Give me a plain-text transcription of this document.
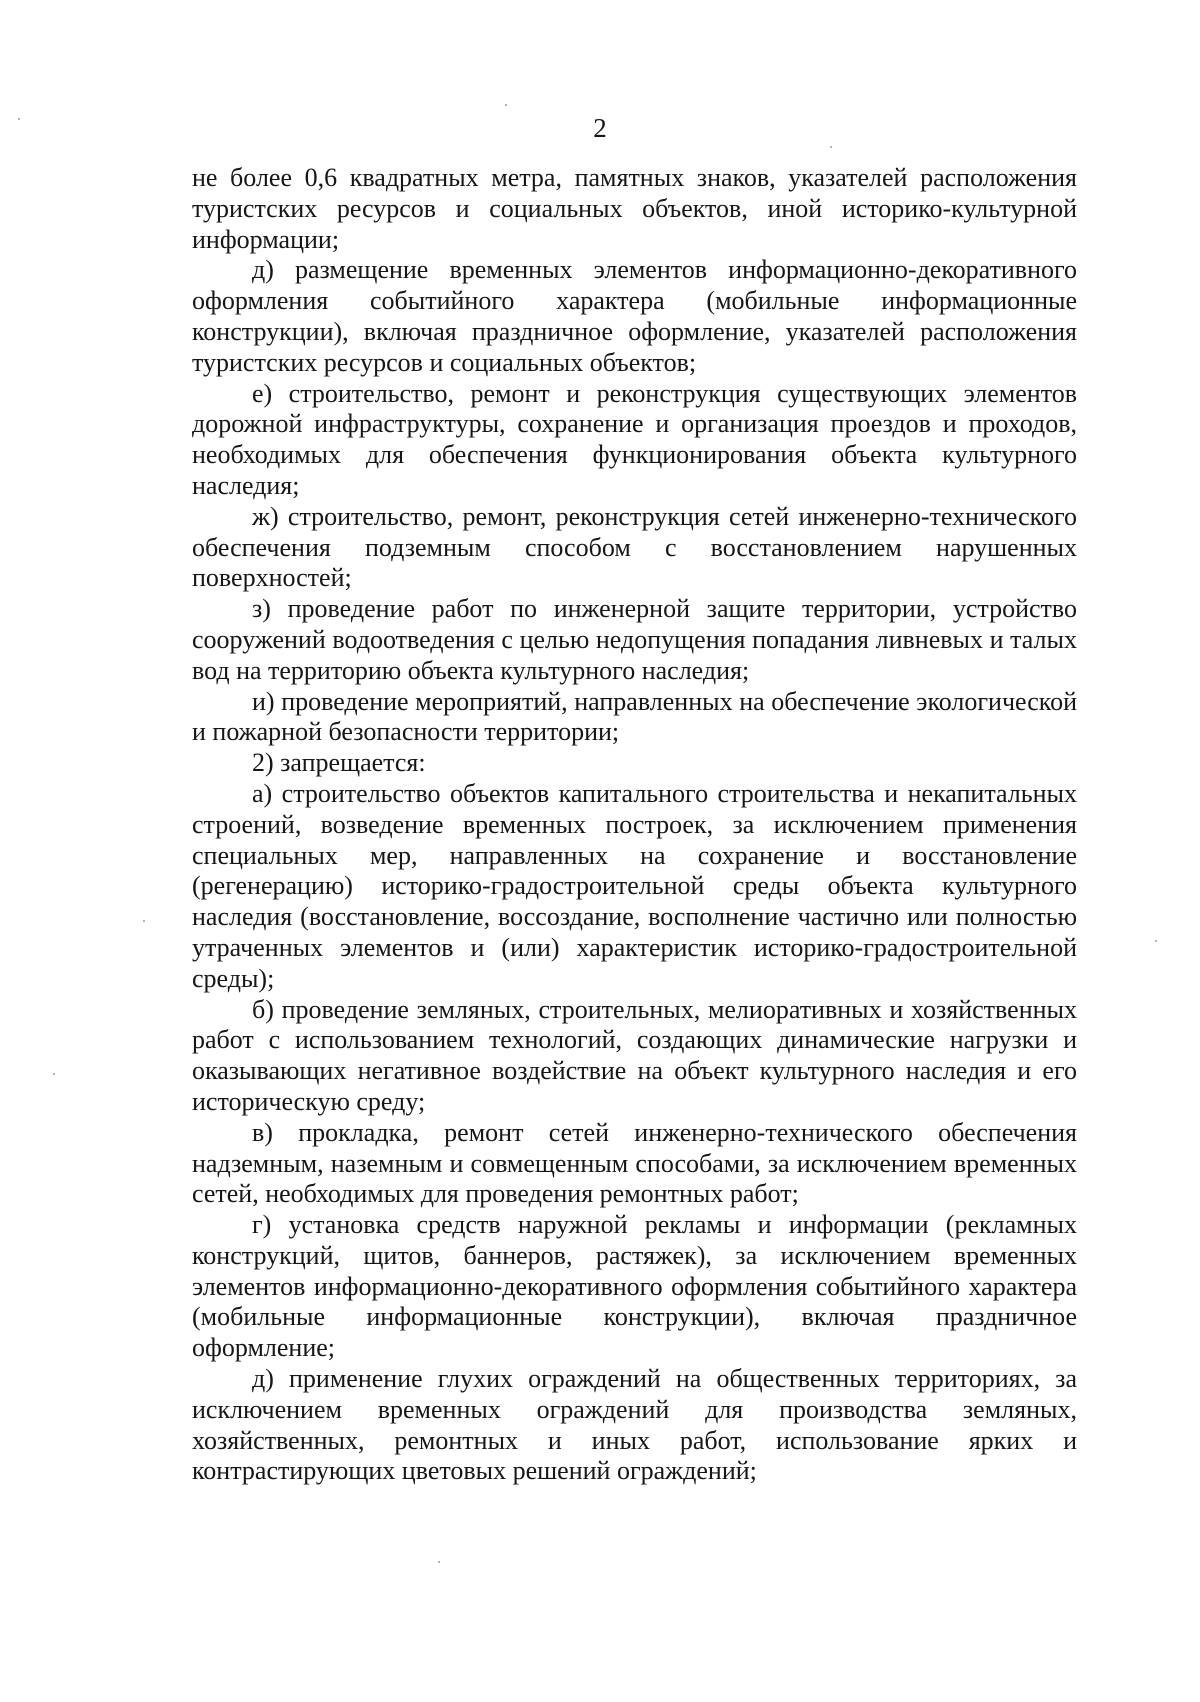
2

не более 0,6 квадратных метра, памятных знаков, указателей расположения туристских ресурсов и социальных объектов, иной историко-культурной информации;

д) размещение временных элементов информационно-декоративного оформления событийного характера (мобильные информационные конструкции), включая праздничное оформление, указателей расположения туристских ресурсов и социальных объектов;

е) строительство, ремонт и реконструкция существующих элементов дорожной инфраструктуры, сохранение и организация проездов и проходов, необходимых для обеспечения функционирования объекта культурного наследия;

ж) строительство, ремонт, реконструкция сетей инженерно-технического обеспечения подземным способом с восстановлением нарушенных поверхностей;

з) проведение работ по инженерной защите территории, устройство сооружений водоотведения с целью недопущения попадания ливневых и талых вод на территорию объекта культурного наследия;

и) проведение мероприятий, направленных на обеспечение экологической и пожарной безопасности территории;

2) запрещается:

а) строительство объектов капитального строительства и некапитальных строений, возведение временных построек, за исключением применения специальных мер, направленных на сохранение и восстановление (регенерацию) историко-градостроительной среды объекта культурного наследия (восстановление, воссоздание, восполнение частично или полностью утраченных элементов и (или) характеристик историко-градостроительной среды);

б) проведение земляных, строительных, мелиоративных и хозяйственных работ с использованием технологий, создающих динамические нагрузки и оказывающих негативное воздействие на объект культурного наследия и его историческую среду;

в) прокладка, ремонт сетей инженерно-технического обеспечения надземным, наземным и совмещенным способами, за исключением временных сетей, необходимых для проведения ремонтных работ;

г) установка средств наружной рекламы и информации (рекламных конструкций, щитов, баннеров, растяжек), за исключением временных элементов информационно-декоративного оформления событийного характера (мобильные информационные конструкции), включая праздничное оформление;

д) применение глухих ограждений на общественных территориях, за исключением временных ограждений для производства земляных, хозяйственных, ремонтных и иных работ, использование ярких и контрастирующих цветовых решений ограждений;
